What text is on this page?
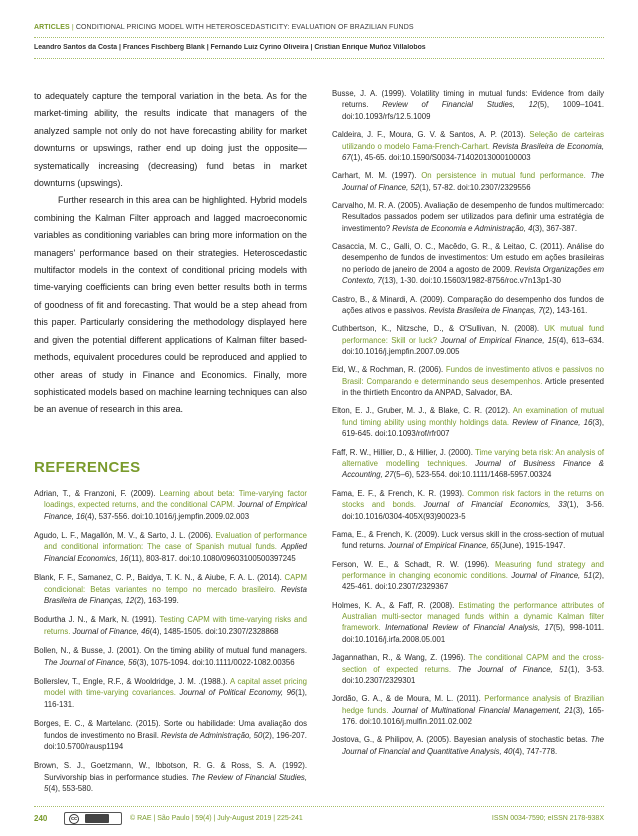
ARTICLES | CONDITIONAL PRICING MODEL WITH HETEROSCEDASTICITY: EVALUATION OF BRAZILIAN FUNDS
Leandro Santos da Costa | Frances Fischberg Blank | Fernando Luiz Cyrino Oliveira | Cristian Enrique Muñoz Villalobos

to adequately capture the temporal variation in the beta. As for the market-timing ability, the results indicate that managers of the analyzed sample not only do not have forecasting ability for market downturns or upswings, rather end up doing just the opposite— systematically increasing (decreasing) fund betas in market downturns (upswings).

Further research in this area can be highlighted. Hybrid models combining the Kalman Filter approach and lagged macroeconomic variables as conditioning variables can bring more information on the managers' performance based on their strategies. Heteroscedastic multifactor models in the context of conditional pricing models with time-varying coefficients can bring even better results both in terms of goodness of fit and forecasting. That would be a step ahead from this paper. Particularly considering the methodology displayed here and given the potential different applications of Kalman filter based-methods, equivalent procedures could be reproduced and applied to other areas of study in Finance and Economics. Finally, more sophisticated models based on machine learning techniques can also be an avenue of research in this area.

REFERENCES

Adrian, T., & Franzoni, F. (2009). Learning about beta: Time-varying factor loadings, expected returns, and the conditional CAPM. Journal of Empirical Finance, 16(4), 537-556. doi:10.1016/j.jempfin.2009.02.003

Agudo, L. F., Magallón, M. V., & Sarto, J. L. (2006). Evaluation of performance and conditional information: The case of Spanish mutual funds. Applied Financial Economics, 16(11), 803-817. doi:10.1080/09603100500397245

Blank, F. F., Samanez, C. P., Baidya, T. K. N., & Aiube, F. A. L. (2014). CAPM condicional: Betas variantes no tempo no mercado brasileiro. Revista Brasileira de Finanças, 12(2), 163-199.

Bodurtha J. N., & Mark, N. (1991). Testing CAPM with time-varying risks and returns. Journal of Finance, 46(4), 1485-1505. doi:10.2307/2328868

Bollen, N., & Busse, J. (2001). On the timing ability of mutual fund managers. The Journal of Finance, 56(3), 1075-1094. doi:10.1111/0022-1082.00356

Bollerslev, T., Engle, R.F., & Wooldridge, J. M. .(1988.). A capital asset pricing model with time-varying covariances. Journal of Political Economy, 96(1), 116-131.

Borges, E. C., & Martelanc. (2015). Sorte ou habilidade: Uma avaliação dos fundos de investimento no Brasil. Revista de Administração, 50(2), 196-207. doi:10.5700/rausp1194

Brown, S. J., Goetzmann, W., Ibbotson, R. G. & Ross, S. A. (1992). Survivorship bias in performance studies. The Review of Financial Studies, 5(4), 553-580.

Busse, J. A. (1999). Volatility timing in mutual funds: Evidence from daily returns. Review of Financial Studies, 12(5), 1009–1041. doi:10.1093/rfs/12.5.1009

Caldeira, J. F., Moura, G. V. & Santos, A. P. (2013). Seleção de carteiras utilizando o modelo Fama-French-Carhart. Revista Brasileira de Economia, 67(1), 45-65. doi:10.1590/S0034-71402013000100003

Carhart, M. M. (1997). On persistence in mutual fund performance. The Journal of Finance, 52(1), 57-82. doi:10.2307/2329556

Carvalho, M. R. A. (2005). Avaliação de desempenho de fundos multimercado: Resultados passados podem ser utilizados para definir uma estratégia de investimento? Revista de Economia e Administração, 4(3), 367-387.

Casaccia, M. C., Galli, O. C., Macêdo, G. R., & Leitao, C. (2011). Análise do desempenho de fundos de investimentos: Um estudo em ações brasileiras no período de janeiro de 2004 a agosto de 2009. Revista Organizações em Contexto, 7(13), 1-30. doi:10.15603/1982-8756/roc.v7n13p1-30

Castro, B., & Minardi, A. (2009). Comparação do desempenho dos fundos de ações ativos e passivos. Revista Brasileira de Finanças, 7(2), 143-161.

Cuthbertson, K., Nitzsche, D., & O'Sullivan, N. (2008). UK mutual fund performance: Skill or luck? Journal of Empirical Finance, 15(4), 613–634. doi:10.1016/j.jempfin.2007.09.005

Eid, W., & Rochman, R. (2006). Fundos de investimento ativos e passivos no Brasil: Comparando e determinando seus desempenhos. Article presented in the thirtieth Encontro da ANPAD, Salvador, BA.

Elton, E. J., Gruber, M. J., & Blake, C. R. (2012). An examination of mutual fund timing ability using monthly holdings data. Review of Finance, 16(3), 619-645. doi:10.1093/rof/rfr007

Faff, R. W., Hillier, D., & Hillier, J. (2000). Time varying beta risk: An analysis of alternative modelling techniques. Journal of Business Finance & Accounting, 27(5–6), 523-554. doi:10.1111/1468-5957.00324

Fama, E. F., & French, K. R. (1993). Common risk factors in the returns on stocks and bonds. Journal of Financial Economics, 33(1), 3-56. doi:10.1016/0304-405X(93)90023-5

Fama, E., & French, K. (2009). Luck versus skill in the cross-section of mutual fund returns. Journal of Empirical Finance, 65(June), 1915-1947.

Ferson, W. E., & Schadt, R. W. (1996). Measuring fund strategy and performance in changing economic conditions. Journal of Finance, 51(2), 425-461. doi:10.2307/2329367

Holmes, K. A., & Faff, R. (2008). Estimating the performance attributes of Australian multi-sector managed funds within a dynamic Kalman filter framework. International Review of Financial Analysis, 17(5), 998-1011. doi:10.1016/j.irfa.2008.05.001

Jagannathan, R., & Wang, Z. (1996). The conditional CAPM and the cross-section of expected returns. The Journal of Finance, 51(1), 3-53. doi:10.2307/2329301

Jordão, G. A., & de Moura, M. L. (2011). Performance analysis of Brazilian hedge funds. Journal of Multinational Financial Management, 21(3), 165-176. doi:10.1016/j.mulfin.2011.02.002

Jostova, G., & Philipov, A. (2005). Bayesian analysis of stochastic betas. The Journal of Financial and Quantitative Analysis, 40(4), 747-778.

240	cc	© RAE | São Paulo | 59(4) | July-August 2019 | 225-241	ISSN 0034-7590; eISSN 2178-938X
